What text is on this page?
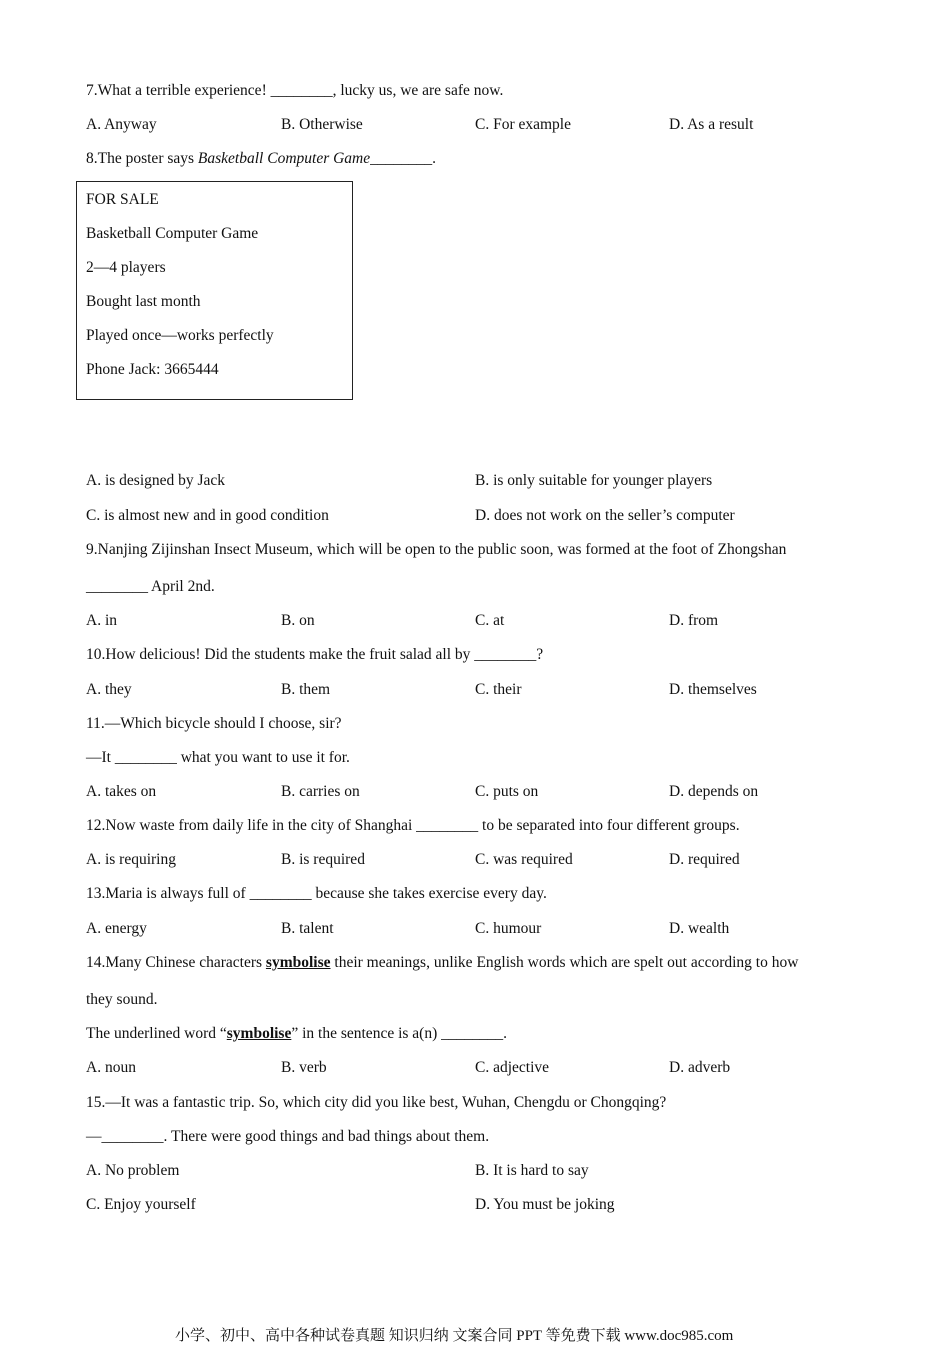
7.What a terrible experience! ________, lucky us, we are safe now.
A. Anyway	B. Otherwise	C. For example	D. As a result
8.The poster says Basketball Computer Game________.
FOR SALE
Basketball Computer Game
2—4 players
Bought last month
Played once—works perfectly
Phone Jack: 3665444
A. is designed by Jack	B. is only suitable for younger players
C. is almost new and in good condition	D. does not work on the seller’s computer
9.Nanjing Zijinshan Insect Museum, which will be open to the public soon, was formed at the foot of Zhongshan
________ April 2nd.
A. in	B. on	C. at	D. from
10.How delicious! Did the students make the fruit salad all by ________?
A. they	B. them	C. their	D. themselves
11.—Which bicycle should I choose, sir?
—It ________ what you want to use it for.
A. takes on	B. carries on	C. puts on	D. depends on
12.Now waste from daily life in the city of Shanghai ________ to be separated into four different groups.
A. is requiring	B. is required	C. was required	D. required
13.Maria is always full of ________ because she takes exercise every day.
A. energy	B. talent	C. humour	D. wealth
14.Many Chinese characters symbolise their meanings, unlike English words which are spelt out according to how
they sound.
The underlined word “symbolise” in the sentence is a(n) ________.
A. noun	B. verb	C. adjective	D. adverb
15.—It was a fantastic trip. So, which city did you like best, Wuhan, Chengdu or Chongqing?
—________. There were good things and bad things about them.
A. No problem	B. It is hard to say
C. Enjoy yourself	D. You must be joking
小学、初中、高中各种试卷真题 知识归纳 文案合同 PPT 等免费下载 www.doc985.com
